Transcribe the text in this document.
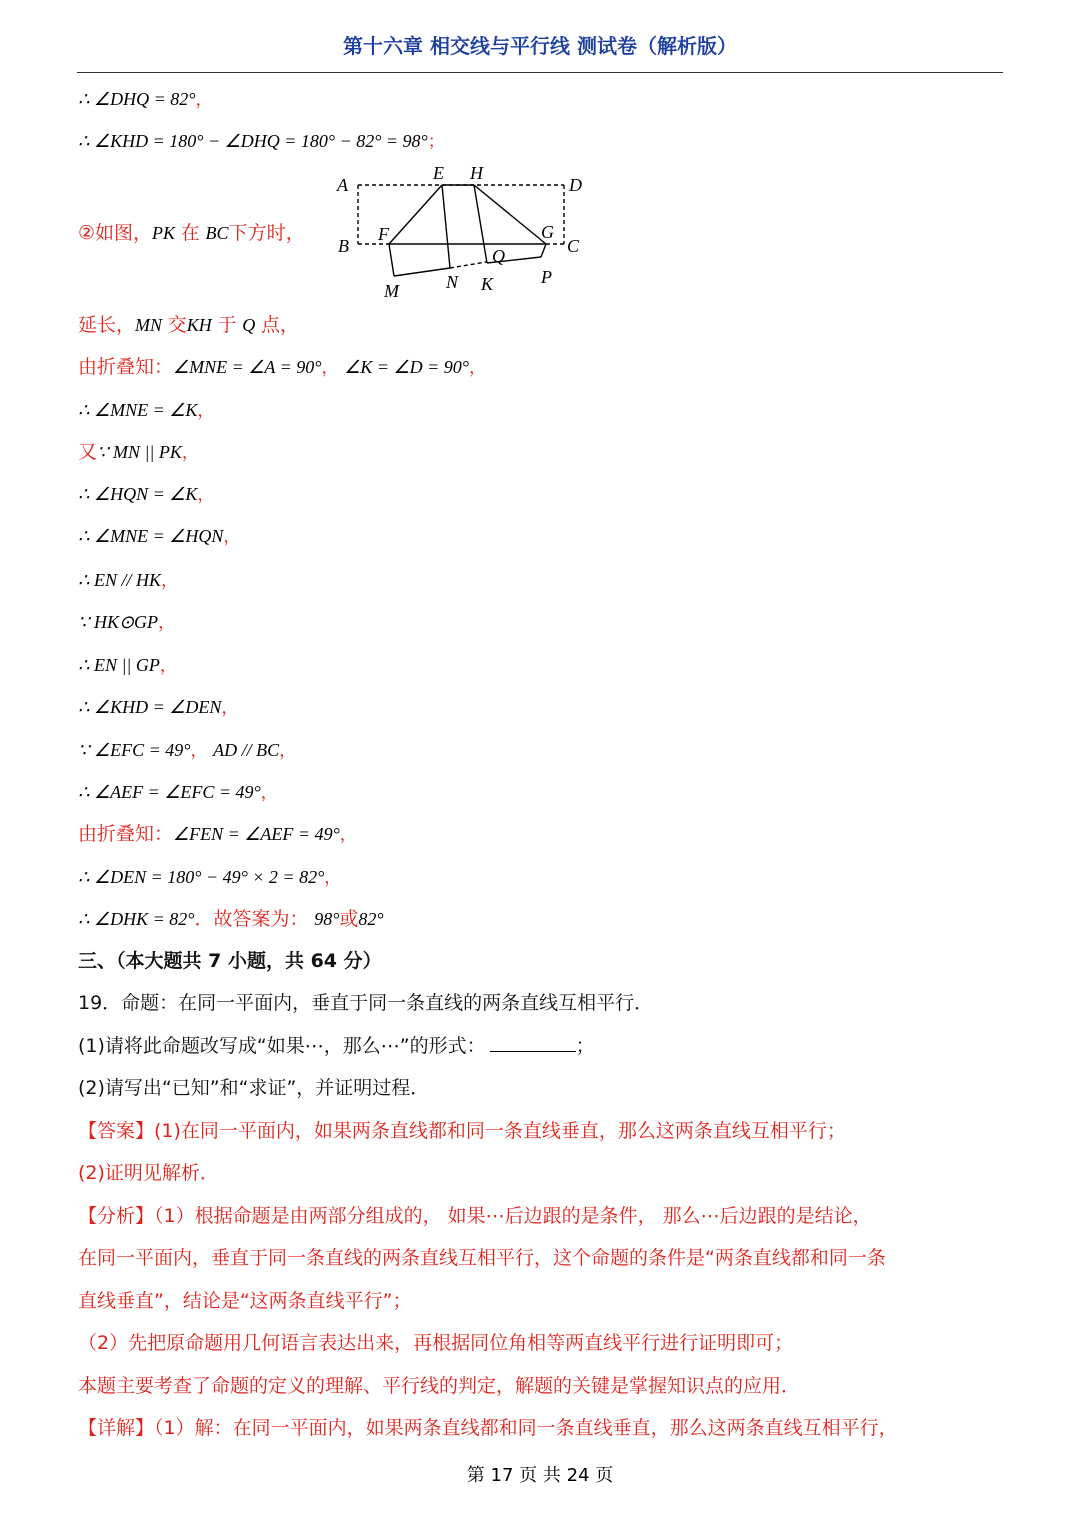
第十六章 相交线与平行线 测试卷（解析版）
∴ ∠DHQ = 82°，
∴ ∠KHD = 180° − ∠DHQ = 180° − 82° = 98°；
②如图，PK 在 BC下方时，
A
E H
D
B
F	G
C
Q
M	N K	P
延长，MN 交KH 于 Q 点，
由折叠知：∠MNE = ∠A = 90°， ∠K = ∠D = 90°，
∴ ∠MNE = ∠K，
又∵ MN || PK，
∴ ∠HQN = ∠K，
∴ ∠MNE = ∠HQN，
∴ EN // HK，
∵ HK⊙GP，
∴ EN || GP，
∴ ∠KHD = ∠DEN，
∵ ∠EFC = 49°， AD // BC，
∴ ∠AEF = ∠EFC = 49°，
由折叠知：∠FEN = ∠AEF = 49°，
∴ ∠DEN = 180° − 49° × 2 = 82°，
∴ ∠DHK = 82°．故答案为： 98°或82°
三、（本大题共 7 小题，共 64 分）
19．命题：在同一平面内，垂直于同一条直线的两条直线互相平行．
(1)请将此命题改写成“如果⋯，那么⋯”的形式：	；
(2)请写出“已知”和“求证”，并证明过程．
【答案】(1)在同一平面内，如果两条直线都和同一条直线垂直，那么这两条直线互相平行；
(2)证明见解析．
【分析】（1）根据命题是由两部分组成的， 如果⋯后边跟的是条件， 那么⋯后边跟的是结论，
在同一平面内，垂直于同一条直线的两条直线互相平行，这个命题的条件是“两条直线都和同一条
直线垂直”，结论是“这两条直线平行”；
（2）先把原命题用几何语言表达出来，再根据同位角相等两直线平行进行证明即可；
本题主要考查了命题的定义的理解、平行线的判定，解题的关键是掌握知识点的应用．
【详解】（1）解：在同一平面内，如果两条直线都和同一条直线垂直，那么这两条直线互相平行，
第 17 页 共 24 页
